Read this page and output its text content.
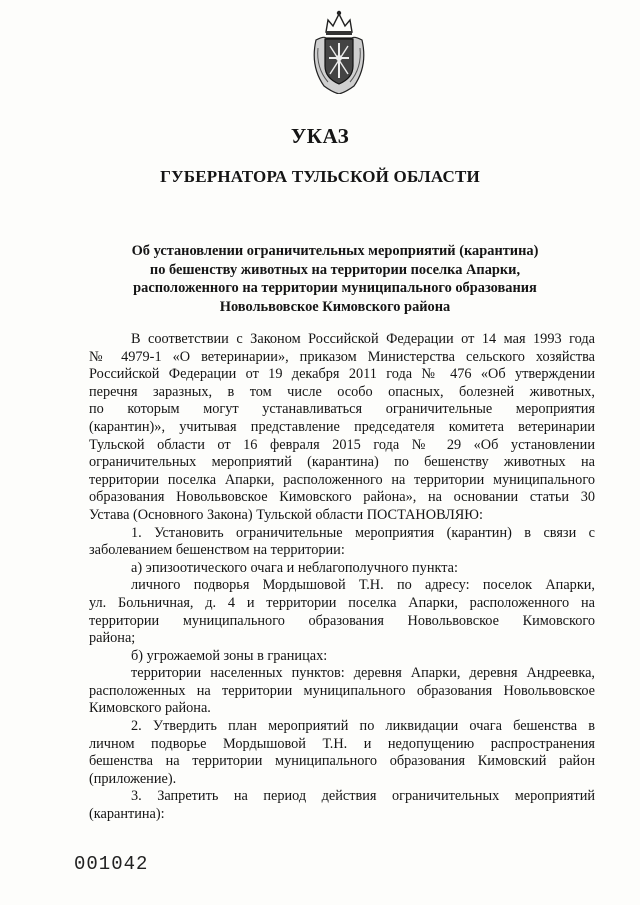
УКАЗ
ГУБЕРНАТОРА ТУЛЬСКОЙ ОБЛАСТИ
Об установлении ограничительных мероприятий (карантина)
по бешенству животных на территории поселка Апарки,
расположенного на территории муниципального образования
Новольвовское Кимовского района
В соответствии с Законом Российской Федерации от 14 мая 1993 года
№ 4979-1 «О ветеринарии», приказом Министерства сельского хозяйства
Российской Федерации от 19 декабря 2011 года № 476 «Об утверждении
перечня заразных, в том числе особо опасных, болезней животных,
по которым могут устанавливаться ограничительные мероприятия
(карантин)», учитывая представление председателя комитета ветеринарии
Тульской области от 16 февраля 2015 года № 29 «Об установлении
ограничительных мероприятий (карантина) по бешенству животных на
территории поселка Апарки, расположенного на территории муниципального
образования Новольвовское Кимовского района», на основании статьи 30
Устава (Основного Закона) Тульской области ПОСТАНОВЛЯЮ:
1. Установить ограничительные мероприятия (карантин) в связи с
заболеванием бешенством на территории:
а) эпизоотического очага и неблагополучного пункта:
личного подворья Мордышовой Т.Н. по адресу: поселок Апарки,
ул. Больничная, д. 4 и территории поселка Апарки, расположенного на
территории муниципального образования Новольвовское Кимовского
района;
б) угрожаемой зоны в границах:
территории населенных пунктов: деревня Апарки, деревня Андреевка,
расположенных на территории муниципального образования Новольвовское
Кимовского района.
2. Утвердить план мероприятий по ликвидации очага бешенства в
личном подворье Мордышовой Т.Н. и недопущению распространения
бешенства на территории муниципального образования Кимовский район
(приложение).
3. Запретить на период действия ограничительных мероприятий
(карантина):
001042
